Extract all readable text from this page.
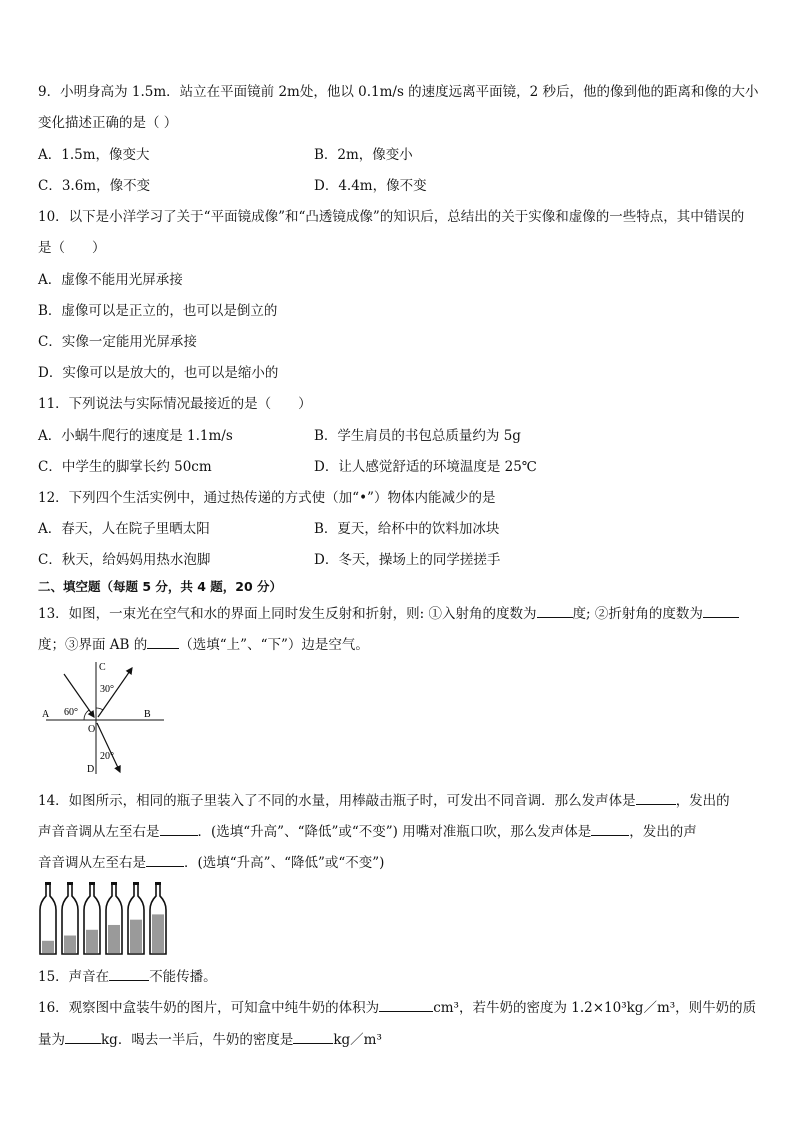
9．小明身高为 1.5m．站立在平面镜前 2m处，他以 0.1m/s 的速度远离平面镜，2 秒后，他的像到他的距离和像的大小
变化描述正确的是（ ）
A．1.5m，像变大	B．2m，像变小
C．3.6m，像不变	D．4.4m，像不变
10．以下是小洋学习了关于“平面镜成像”和“凸透镜成像”的知识后，总结出的关于实像和虚像的一些特点，其中错误的
是（　　）
A．虚像不能用光屏承接
B．虚像可以是正立的，也可以是倒立的
C．实像一定能用光屏承接
D．实像可以是放大的，也可以是缩小的
11．下列说法与实际情况最接近的是（　　）
A．小蜗牛爬行的速度是 1.1m/s	B．学生肩员的书包总质量约为 5g
C．中学生的脚掌长约 50cm	D．让人感觉舒适的环境温度是 25℃
12．下列四个生活实例中，通过热传递的方式使（加“•”）物体内能减少的是
A．春天，人在院子里晒太阳	B．夏天，给杯中的饮料加冰块
C．秋天，给妈妈用热水泡脚	D．冬天，操场上的同学搓搓手
二、填空题（每题 5 分，共 4 题，20 分）
13．如图，一束光在空气和水的界面上同时发生反射和折射，则: ①入射角的度数为	度; ②折射角的度数为
度；③界面 AB 的 （选填“上”、“下”）边是空气。
C
30°
A 60°	B
O
20°
D
14．如图所示，相同的瓶子里装入了不同的水量，用棒敲击瓶子时，可发出不同音调．那么发声体是	，发出的
声音音调从左至右是	．(选填“升高”、“降低”或“不变”) 用嘴对准瓶口吹，那么发声体是	，发出的声
音音调从左至右是	．(选填“升高”、“降低”或“不变”)
15．声音在	不能传播。
16．观察图中盒装牛奶的图片，可知盒中纯牛奶的体积为	cm³，若牛奶的密度为 1.2×10³kg／m³，则牛奶的质
量为	kg．喝去一半后，牛奶的密度是	kg／m³
